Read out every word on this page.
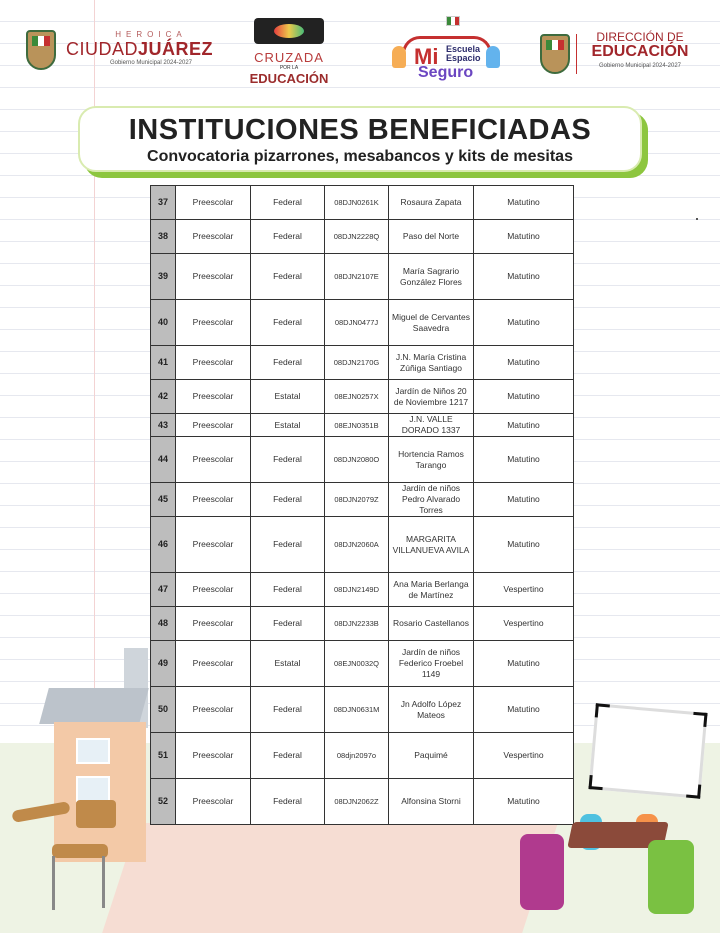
HEROICA
CIUDADJUÁREZ
Gobierno Municipal 2024-2027	CRUZADA
POR LA
EDUCACIÓN
Mi Escuela
Espacio
Seguro
DIRECCIÓN DE
EDUCACIÓN
Gobierno Municipal 2024-2027
INSTITUCIONES BENEFICIADAS
Convocatoria pizarrones, mesabancos y kits de mesitas
37	Preescolar	Federal	08DJN0261K	Rosaura Zapata	Matutino
38	Preescolar	Federal	08DJN2228Q	Paso del Norte	Matutino
39	Preescolar	Federal	08DJN2107E	María Sagrario González Flores	Matutino
40	Preescolar	Federal	08DJN0477J	Miguel de Cervantes Saavedra	Matutino
41	Preescolar	Federal	08DJN2170G	J.N. María Cristina Zúñiga Santiago	Matutino
42	Preescolar	Estatal	08EJN0257X	Jardín de Niños 20 de Noviembre 1217	Matutino
43	Preescolar	Estatal	08EJN0351B	J.N. VALLE DORADO 1337	Matutino
44	Preescolar	Federal	08DJN2080O	Hortencia Ramos Tarango	Matutino
45	Preescolar	Federal	08DJN2079Z	Jardín de niños Pedro Alvarado Torres	Matutino
46	Preescolar	Federal	08DJN2060A	MARGARITA VILLANUEVA AVILA	Matutino
47	Preescolar	Federal	08DJN2149D	Ana Maria Berlanga de Martínez	Vespertino
48	Preescolar	Federal	08DJN2233B	Rosario Castellanos	Vespertino
49	Preescolar	Estatal	08EJN0032Q	Jardín de niños Federico Froebel 1149	Matutino
50	Preescolar	Federal	08DJN0631M	Jn Adolfo López Mateos	Matutino
51	Preescolar	Federal	08djn2097o	Paquimé	Vespertino
52	Preescolar	Federal	08DJN2062Z	Alfonsina Storni	Matutino
